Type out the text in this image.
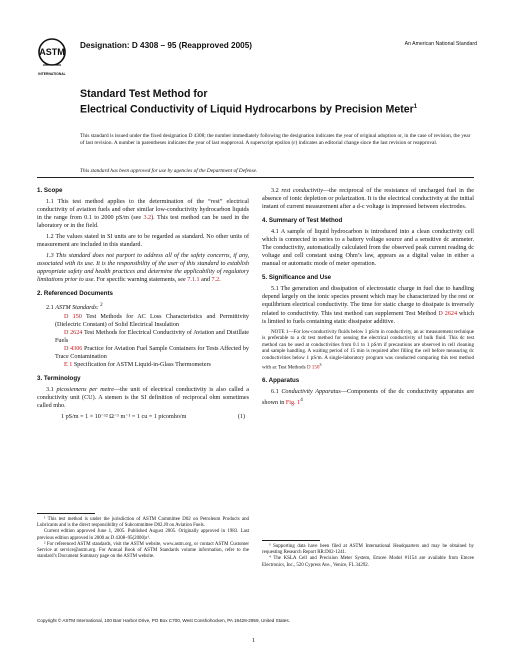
ASTM
INTERNATIONAL
Designation: D 4308 – 95 (Reapproved 2005)	An American National Standard
Standard Test Method for
Electrical Conductivity of Liquid Hydrocarbons by Precision Meter$^1$
This standard is issued under the fixed designation D 4308; the number immediately following the designation indicates the year of original adoption or, in the case of revision, the year of last revision. A number in parentheses indicates the year of last reapproval. A superscript epsilon (ε) indicates an editorial change since the last revision or reapproval.
This standard has been approved for use by agencies of the Department of Defense.
1. Scope

1.1 This test method applies to the determination of the “rest” electrical conductivity of aviation fuels and other similar low-conductivity hydrocarbon liquids in the range from 0.1 to 2000 pS/m (see 3.2). This test method can be used in the laboratory or in the field.

1.2 The values stated in SI units are to be regarded as standard. No other units of measurement are included in this standard.

1.3 This standard does not purport to address all of the safety concerns, if any, associated with its use. It is the responsibility of the user of this standard to establish appropriate safety and health practices and determine the applicability of regulatory limitations prior to use. For specific warning statements, see 7.1.1 and 7.2.

2. Referenced Documents

2.1 ASTM Standards: $^2$

D 150 Test Methods for AC Loss Characteristics and Permittivity (Dielectric Constant) of Solid Electrical Insulation

D 2624 Test Methods for Electrical Conductivity of Aviation and Distillate Fuels

D 4306 Practice for Aviation Fuel Sample Containers for Tests Affected by Trace Contamination

E 1 Specification for ASTM Liquid-in-Glass Thermometers

3. Terminology

3.1 picosiemens per metre—the unit of electrical conductivity is also called a conductivity unit (CU). A siemen is the SI definition of reciprocal ohm sometimes called mho.

1 pS/m = 1 × 10⁻¹² Ω⁻¹ m⁻¹ = 1 cu = 1 picomho/m	(1)

3.2 rest conductivity—the reciprocal of the resistance of uncharged fuel in the absence of ionic depletion or polarization. It is the electrical conductivity at the initial instant of current measurement after a d-c voltage is impressed between electrodes.

4. Summary of Test Method

4.1 A sample of liquid hydrocarbon is introduced into a clean conductivity cell which is connected in series to a battery voltage source and a sensitive dc ammeter. The conductivity, automatically calculated from the observed peak current reading dc voltage and cell constant using Ohm’s law, appears as a digital value in either a manual or automatic mode of meter operation.

5. Significance and Use

5.1 The generation and dissipation of electrostatic charge in fuel due to handling depend largely on the ionic species present which may be characterized by the rest or equilibrium electrical conductivity. The time for static charge to dissipate is inversely related to conductivity. This test method can supplement Test Method D 2624 which is limited to fuels containing static dissipator additive.

NOTE 1—For low-conductivity fluids below 1 pS/m in conductivity, an ac measurement technique is preferable to a dc test method for sensing the electrical conductivity of bulk fluid. This dc test method can be used at conductivities from 0.1 to 1 pS/m if precautions are observed in cell cleaning and sample handling. A waiting period of 15 min is required after filling the cell before measuring dc conductivities below 1 pS/m. A single-laboratory program was conducted comparing this test method with ac Test Methods D $150^3$

6. Apparatus

6.1 Conductivity Apparatus—Components of the dc conductivity apparatus are shown in Fig. $1^4$

¹ This test method is under the jurisdiction of ASTM Committee D02 on Petroleum Products and Lubricants and is the direct responsibility of Subcommittee D02.J0 on Aviation Fuels.

Current edition approved June 1, 2005. Published August 2005. Originally approved in 1983. Last previous edition approved in 2000 as D 4308–95(2000)ε¹.

² For referenced ASTM standards, visit the ASTM website, www.astm.org, or contact ASTM Customer Service at service@astm.org. For Annual Book of ASTM Standards volume information, refer to the standard’s Document Summary page on the ASTM website.

³ Supporting data have been filed at ASTM International Headquarters and may be obtained by requesting Research Report RR:D02-1241.

⁴ The KSLA Cell and Precision Meter System, Emcee Model #1154 are available from Emcee Electronics, Inc., 520 Cypress Ave., Venice, FL 34292.

Copyright © ASTM International, 100 Barr Harbor Drive, PO Box C700, West Conshohocken, PA 19428-2959, United States.
1
